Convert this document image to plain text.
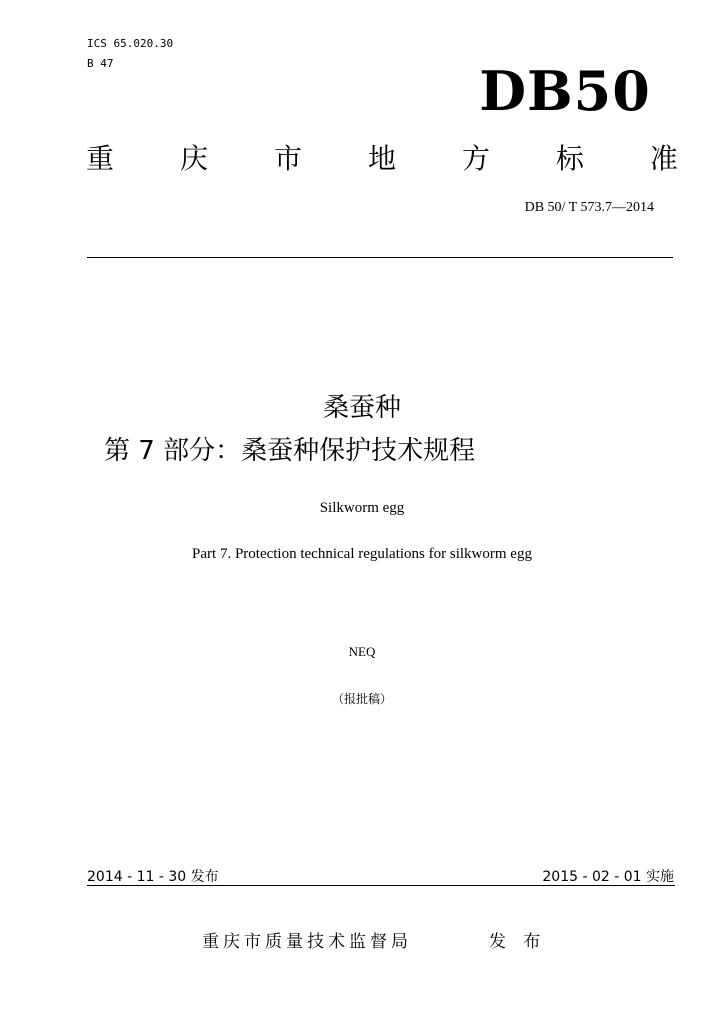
ICS 65.020.30
B 47	DB50
重 庆 市 地 方 标 准
DB 50/ T 573.7—2014
桑蚕种
第 7 部分：桑蚕种保护技术规程
Silkworm egg
Part 7. Protection technical regulations for silkworm egg
NEQ
（报批稿）
2014 - 11 - 30 发布	2015 - 02 - 01 实施
重庆市质量技术监督局	发 布
